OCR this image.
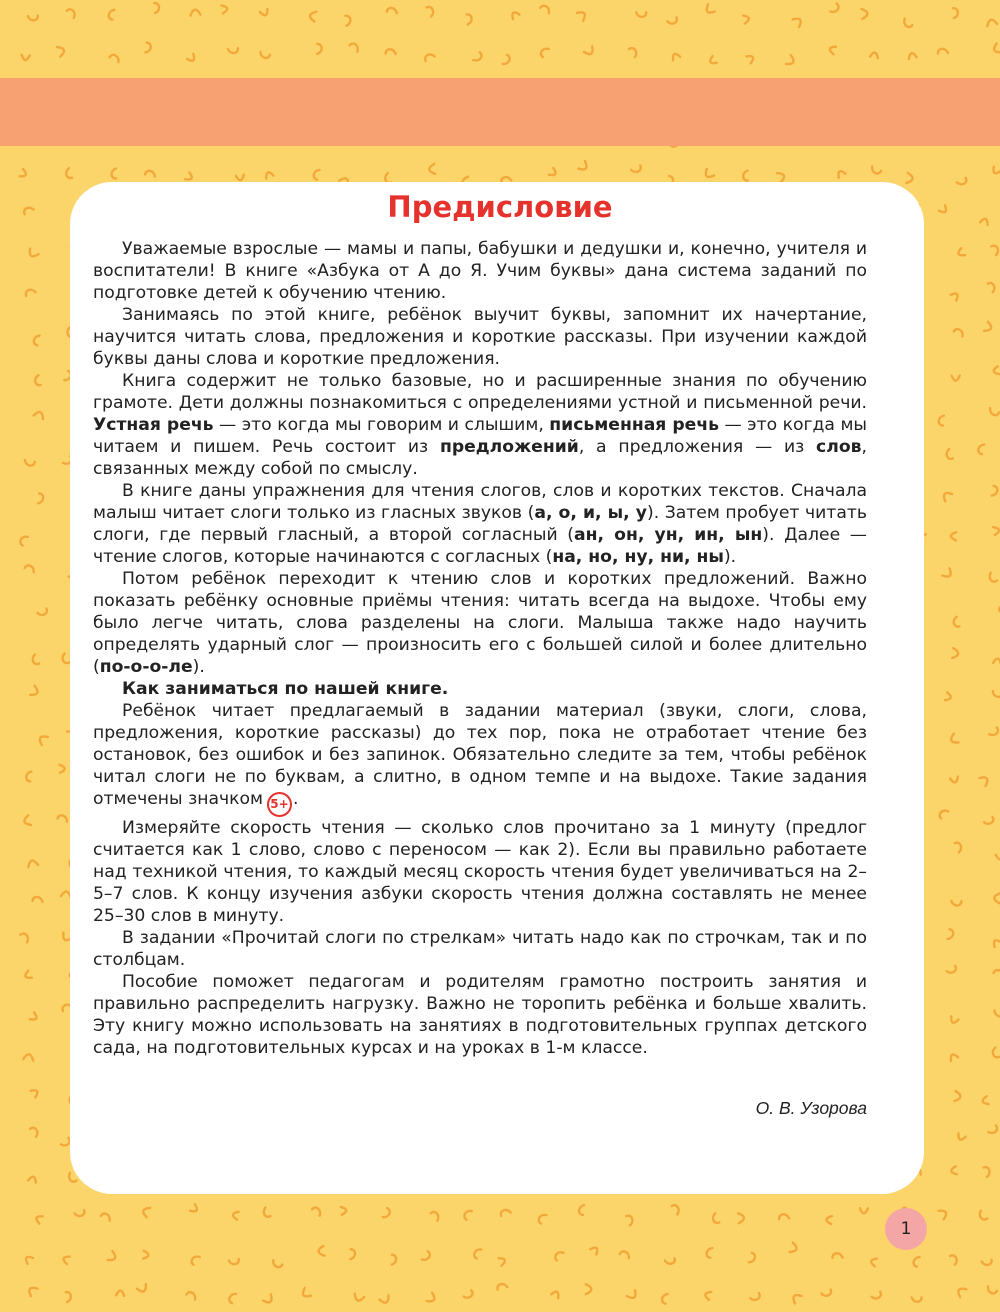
Предисловие

Уважаемые взрослые — мамы и папы, бабушки и дедушки и, конечно, учителя и воспитатели! В книге «Азбука от А до Я. Учим буквы» дана система заданий по подготовке детей к обучению чтению.

Занимаясь по этой книге, ребёнок выучит буквы, запомнит их начертание, научится читать слова, предложения и короткие рассказы. При изучении каждой буквы даны слова и короткие предложения.

Книга содержит не только базовые, но и расширенные знания по обучению грамоте. Дети должны познакомиться с определениями устной и письменной речи. Устная речь — это когда мы говорим и слышим, письменная речь — это когда мы читаем и пишем. Речь состоит из предложений, а предложения — из слов, связанных между собой по смыслу.

В книге даны упражнения для чтения слогов, слов и коротких текстов. Сначала малыш читает слоги только из гласных звуков (а, о, и, ы, у). Затем пробует читать слоги, где первый гласный, а второй согласный (ан, он, ун, ин, ын). Далее — чтение слогов, которые начинаются с согласных (на, но, ну, ни, ны).

Потом ребёнок переходит к чтению слов и коротких предложений. Важно показать ребёнку основные приёмы чтения: читать всегда на выдохе. Чтобы ему было легче читать, слова разделены на слоги. Малыша также надо научить определять ударный слог — произносить его с большей силой и более длительно (по-о-о-ле).

Как заниматься по нашей книге.

Ребёнок читает предлагаемый в задании материал (звуки, слоги, слова, предложения, короткие рассказы) до тех пор, пока не отработает чтение без остановок, без ошибок и без запинок. Обязательно следите за тем, чтобы ребёнок читал слоги не по буквам, а слитно, в одном темпе и на выдохе. Такие задания отмечены значком 5+ .

Измеряйте скорость чтения — сколько слов прочитано за 1 минуту (предлог считается как 1 слово, слово с переносом — как 2). Если вы правильно работаете над техникой чтения, то каждый месяц скорость чтения будет увеличиваться на 2–5–7 слов. К концу изучения азбуки скорость чтения должна составлять не менее 25–30 слов в минуту.

В задании «Прочитай слоги по стрелкам» читать надо как по строчкам, так и по столбцам.

Пособие поможет педагогам и родителям грамотно построить занятия и правильно распределить нагрузку. Важно не торопить ребёнка и больше хвалить. Эту книгу можно использовать на занятиях в подготовительных группах детского сада, на подготовительных курсах и на уроках в 1-м классе.

О. В. Узорова
1
